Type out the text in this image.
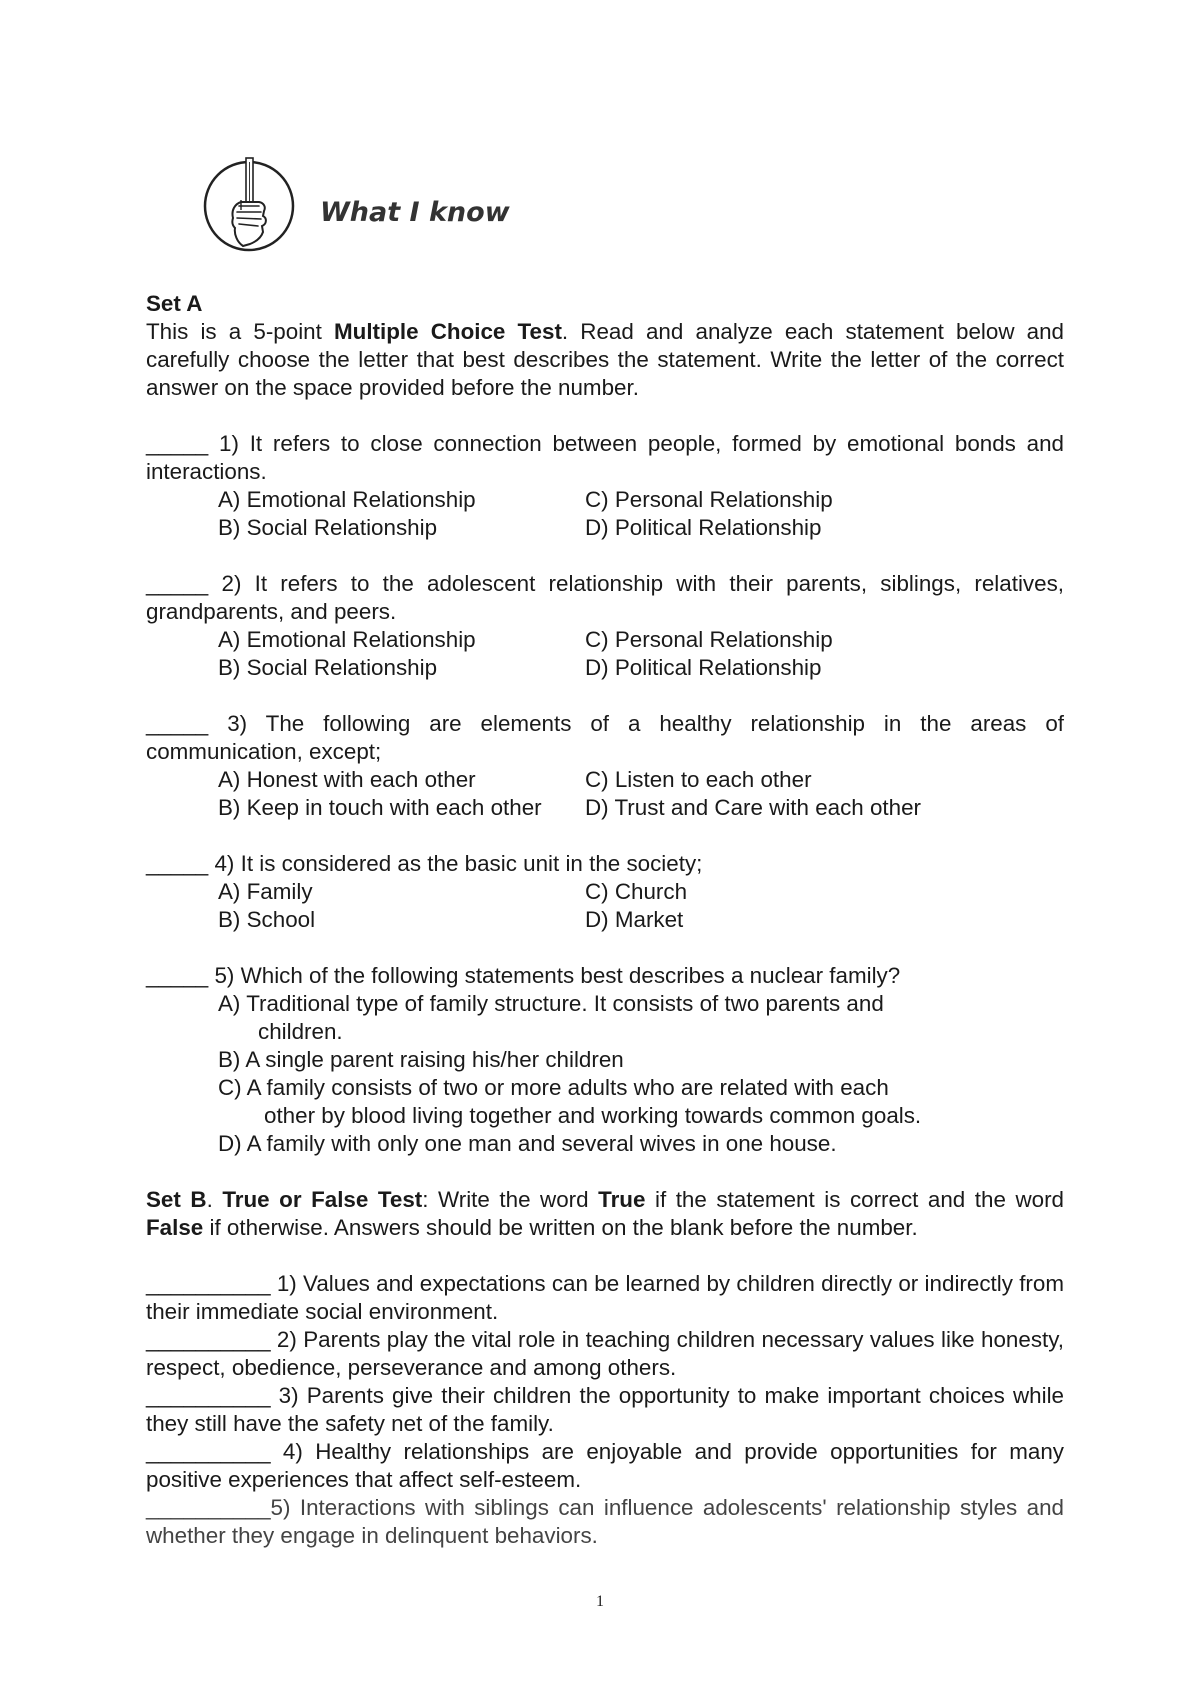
What I know
Set A
This is a 5-point Multiple Choice Test. Read and analyze each statement below and carefully choose the letter that best describes the statement. Write the letter of the correct answer on the space provided before the number.
_____ 1) It refers to close connection between people, formed by emotional bonds and interactions.
A) Emotional Relationship
B) Social Relationship
C) Personal Relationship
D) Political Relationship
_____ 2) It refers to the adolescent relationship with their parents, siblings, relatives, grandparents, and peers.
A) Emotional Relationship
B) Social Relationship
C) Personal Relationship
D) Political Relationship
_____  3)  The  following  are  elements  of  a  healthy  relationship  in  the  areas  of communication, except;
A) Honest with each other
B) Keep in touch with each other
C) Listen to each other
D) Trust and Care with each other
_____ 4) It is considered as the basic unit in the society;
A) Family
B) School
C) Church
D) Market
_____ 5) Which of the following statements best describes a nuclear family?
A) Traditional type of family structure. It consists of two parents and
children.
B) A single parent raising his/her children
C) A family consists of two or more adults who are related with each
other by blood living together and working towards common goals.
D) A family with only one man and several wives in one house.
Set B. True or False Test: Write the word True if the statement is correct and the word False if otherwise. Answers should be written on the blank before the number.
__________ 1) Values and expectations can be learned by children directly or indirectly from their immediate social environment.
__________ 2) Parents play the vital role in teaching children necessary values like honesty, respect, obedience, perseverance and among others.
__________ 3) Parents give their children the opportunity to make important choices while they still have the safety net of the family.
__________ 4) Healthy relationships are enjoyable and provide opportunities for many positive experiences that affect self-esteem.
__________5) Interactions with siblings can influence adolescents' relationship styles and whether they engage in delinquent behaviors.
1
